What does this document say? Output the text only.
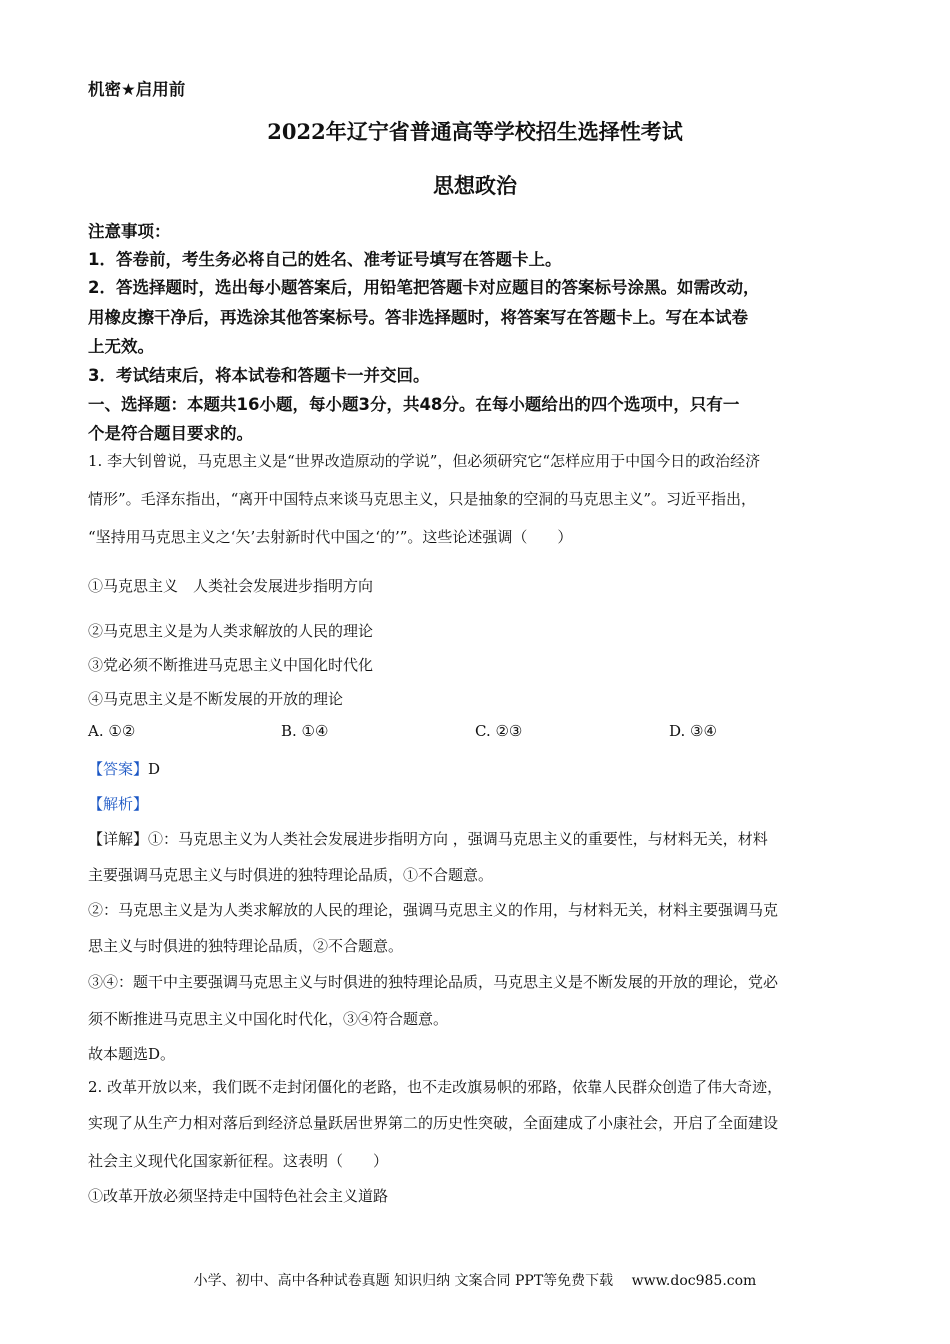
机密★启用前
2022年辽宁省普通高等学校招生选择性考试
思想政治
注意事项：
1．答卷前，考生务必将自己的姓名、准考证号填写在答题卡上。
2．答选择题时，选出每小题答案后，用铅笔把答题卡对应题目的答案标号涂黑。如需改动，
用橡皮擦干净后，再选涂其他答案标号。答非选择题时，将答案写在答题卡上。写在本试卷
上无效。
3．考试结束后，将本试卷和答题卡一并交回。
一、选择题：本题共16小题，每小题3分，共48分。在每小题给出的四个选项中，只有一
个是符合题目要求的。
1. 李大钊曾说，马克思主义是“世界改造原动的学说”，但必须研究它“怎样应用于中国今日的政治经济
情形”。毛泽东指出，“离开中国特点来谈马克思主义，只是抽象的空洞的马克思主义”。习近平指出，
“坚持用马克思主义之‘矢’去射新时代中国之‘的’”。这些论述强调（　　）
①马克思主义　人类社会发展进步指明方向
②马克思主义是为人类求解放的人民的理论
③党必须不断推进马克思主义中国化时代化
④马克思主义是不断发展的开放的理论
A. ①②	B. ①④	C. ②③	D. ③④
【答案】D
【解析】
【详解】①：马克思主义为人类社会发展进步指明方向 ，强调马克思主义的重要性，与材料无关，材料
主要强调马克思主义与时俱进的独特理论品质，①不合题意。
②：马克思主义是为人类求解放的人民的理论，强调马克思主义的作用，与材料无关，材料主要强调马克
思主义与时俱进的独特理论品质，②不合题意。
③④：题干中主要强调马克思主义与时俱进的独特理论品质，马克思主义是不断发展的开放的理论，党必
须不断推进马克思主义中国化时代化，③④符合题意。
故本题选D。
2. 改革开放以来，我们既不走封闭僵化的老路，也不走改旗易帜的邪路，依靠人民群众创造了伟大奇迹，
实现了从生产力相对落后到经济总量跃居世界第二的历史性突破，全面建成了小康社会，开启了全面建设
社会主义现代化国家新征程。这表明（　　）
①改革开放必须坚持走中国特色社会主义道路
小学、初中、高中各种试卷真题 知识归纳 文案合同 PPT等免费下载　 www.doc985.com
